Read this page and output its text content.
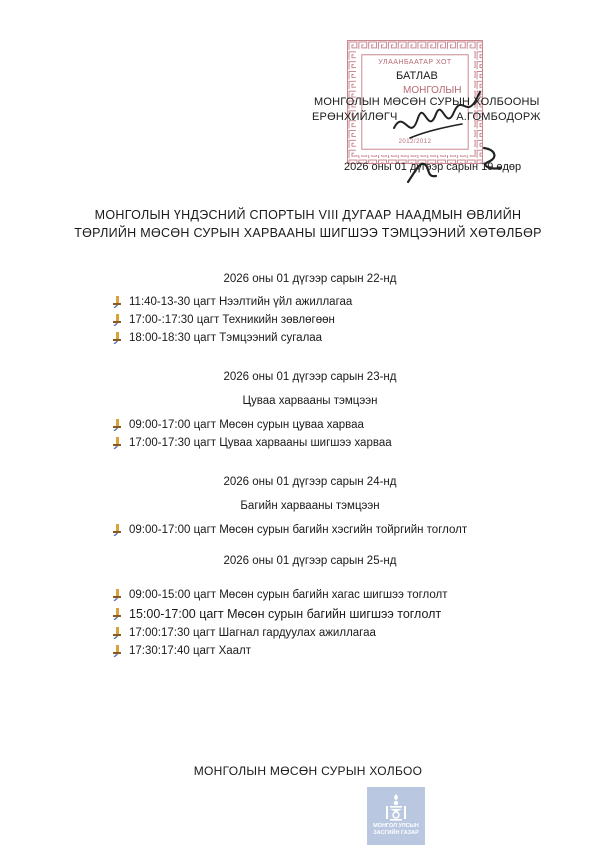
УЛААНБААТАР ХОТ
2012/2012
БАТЛАВ
МОНГОЛЫН
МОНГОЛЫН МӨСӨН СУРЫН ХОЛБООНЫ
ЕРӨНХИЙЛӨГЧ                  А.ГОМБОДОРЖ
2026 оны 01 дүгээр сарын 19 өдөр
МОНГОЛЫН ҮНДЭСНИЙ СПОРТЫН VIII ДУГААР НААДМЫН ӨВЛИЙН
ТӨРЛИЙН МӨСӨН СУРЫН ХАРВААНЫ ШИГШЭЭ ТЭМЦЭЭНИЙ ХӨТӨЛБӨР
2026 оны 01 дүгээр сарын 22-нд
11:40-13-30 цагт Нээлтийн үйл ажиллагаа
17:00-:17:30 цагт Техникийн зөвлөгөөн
18:00-18:30 цагт Тэмцээний сугалаа
2026 оны 01 дүгээр сарын 23-нд
Цуваа харвааны тэмцээн
09:00-17:00 цагт Мөсөн сурын цуваа харваа
17:00-17:30 цагт Цуваа харвааны шигшээ харваа
2026 оны 01 дүгээр сарын 24-нд
Багийн харвааны тэмцээн
09:00-17:00 цагт Мөсөн сурын багийн хэсгийн тойргийн тоглолт
2026 оны 01 дүгээр сарын 25-нд
09:00-15:00 цагт Мөсөн сурын багийн хагас шигшээ тоглолт
15:00-17:00 цагт Мөсөн сурын багийн шигшээ тоглолт
17:00:17:30 цагт Шагнал гардуулах ажиллагаа
17:30:17:40 цагт Хаалт
МОНГОЛЫН МӨСӨН СУРЫН ХОЛБОО
МОНГОЛ УЛСЫН
ЗАСГИЙН ГАЗАР
